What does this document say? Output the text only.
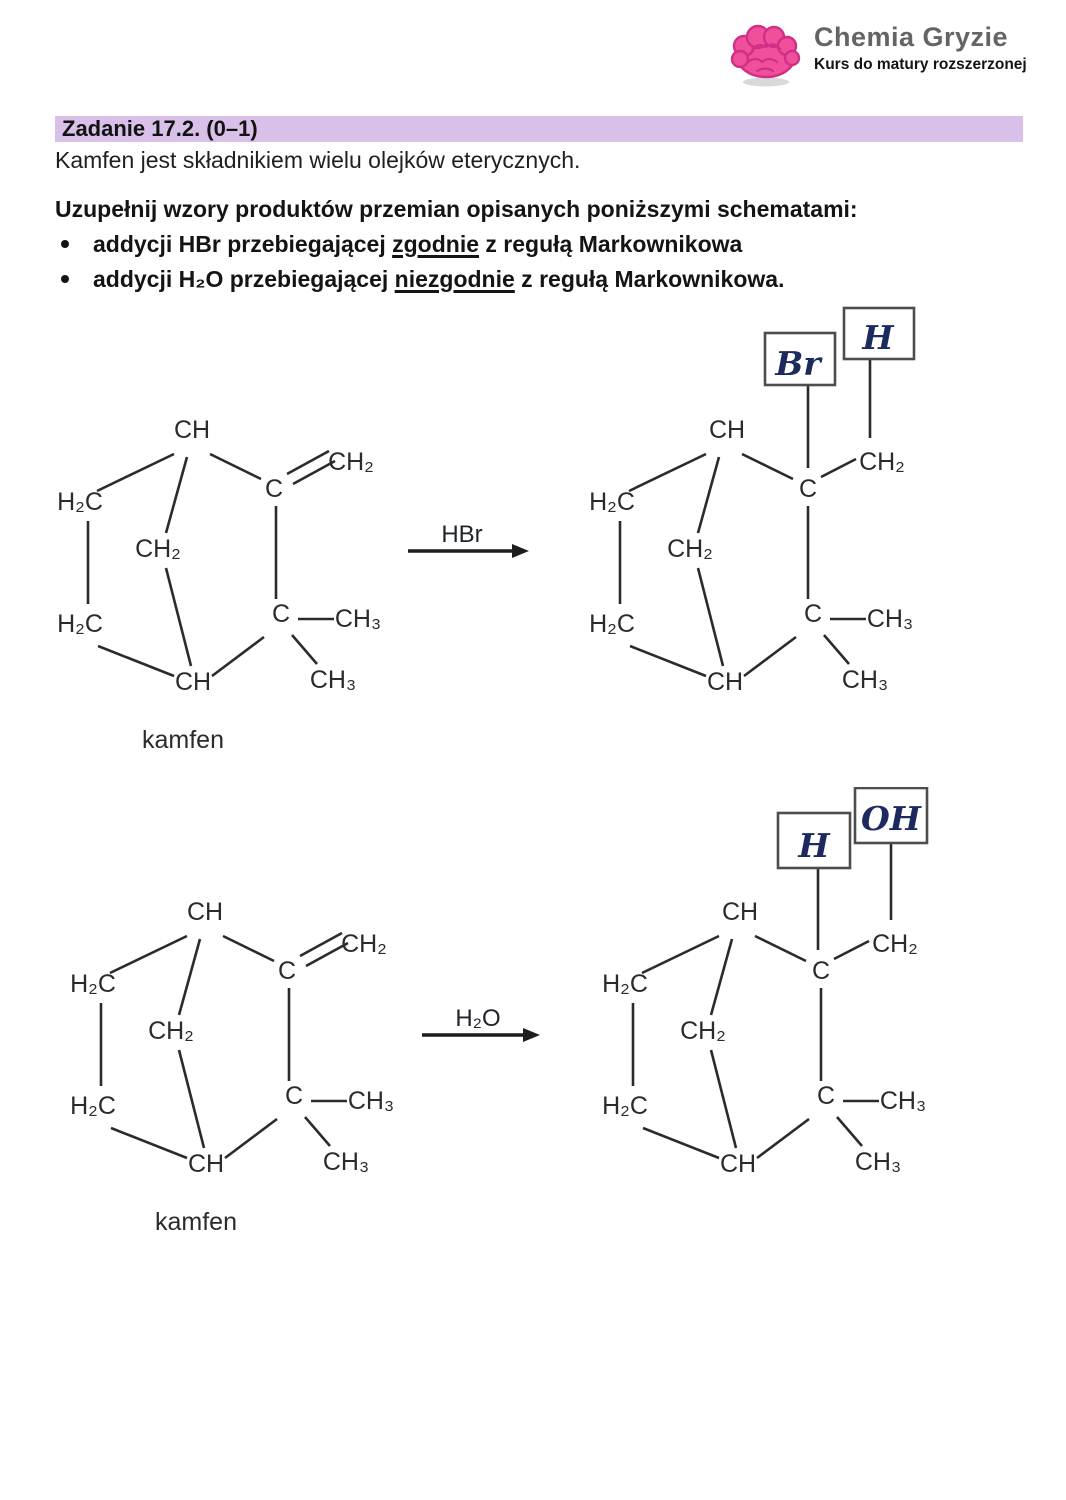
Chemia Gryzie
Kurs do matury rozszerzonej
Zadanie 17.2. (0–1)
Kamfen jest składnikiem wielu olejków eterycznych.
Uzupełnij wzory produktów przemian opisanych poniższymi schematami:
addycji HBr przebiegającej zgodnie z regułą Markownikowa
addycji H₂O przebiegającej niezgodnie z regułą Markownikowa.
CH
CH₂
C
H₂C
CH₂
H₂C	C CH₃
CH₃
CH
kamfen
HBr
Br
H
CH
CH₂
C
H₂C
CH₂
H₂C	C CH₃
CH₃
CH
CH
CH₂
C
H₂C
CH₂
H₂C	C CH₃
CH₃
CH
kamfen
H₂O
H
OH
CH
CH₂
C
H₂C
CH₂
H₂C	C CH₃
CH₃
CH
